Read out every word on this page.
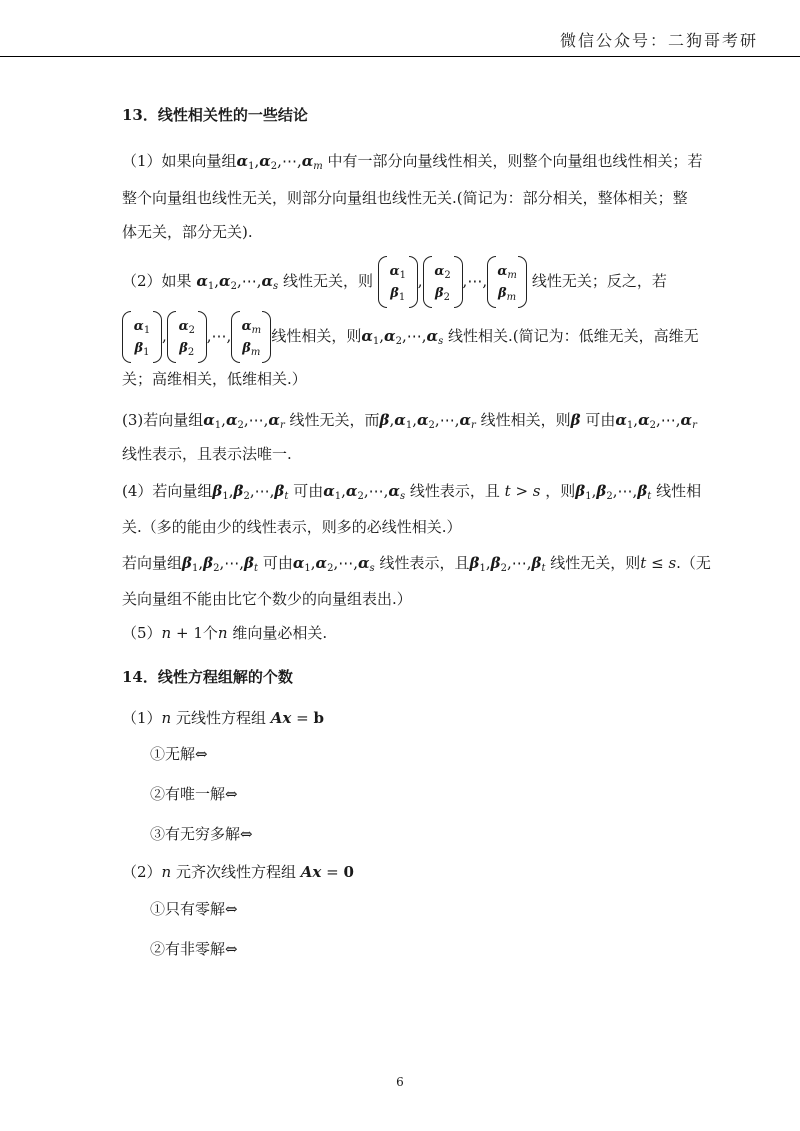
微信公众号：二狗哥考研
13．线性相关性的一些结论
（1）如果向量组$\alpha_1,\alpha_2,\cdots,\alpha_m$ 中有一部分向量线性相关，则整个向量组也线性相关；若
整个向量组也线性无关，则部分向量组也线性无关.(简记为：部分相关，整体相关；整
体无关，部分无关).
（2）如果 $\alpha_1,\alpha_2,\cdots,\alpha_s$ 线性无关，则
$\alpha_1$
$\beta_1$
,
$\alpha_2$
$\beta_2$
,⋯,
$\alpha_m$
$\beta_m$
线性无关；反之，若
$\alpha_1$
$\beta_1$
,
$\alpha_2$
$\beta_2$
,⋯,
$\alpha_m$
$\beta_m$
线性相关，则$\alpha_1,\alpha_2,\cdots,\alpha_s$ 线性相关.(简记为：低维无关，高维无
关；高维相关，低维相关.）
(3)若向量组$\alpha_1,\alpha_2,\cdots,\alpha_r$ 线性无关，而$\beta,\alpha_1,\alpha_2,\cdots,\alpha_r$ 线性相关，则β 可由$\alpha_1,\alpha_2,\cdots,\alpha_r$
线性表示，且表示法唯一.
(4）若向量组$\beta_1,\beta_2,\cdots,\beta_t$ 可由$\alpha_1,\alpha_2,\cdots,\alpha_s$ 线性表示，且 t > s ，则$\beta_1,\beta_2,\cdots,\beta_t$ 线性相
关.（多的能由少的线性表示，则多的必线性相关.）
若向量组$\beta_1,\beta_2,\cdots,\beta_t$ 可由$\alpha_1,\alpha_2,\cdots,\alpha_s$ 线性表示，且$\beta_1,\beta_2,\cdots,\beta_t$ 线性无关，则t ≤ s.（无
关向量组不能由比它个数少的向量组表出.）
（5）n + 1个n 维向量必相关.
14．线性方程组解的个数
（1）n 元线性方程组 Ax = b
①无解⇔
②有唯一解⇔
③有无穷多解⇔
（2）n 元齐次线性方程组 Ax = 0
①只有零解⇔
②有非零解⇔
6
